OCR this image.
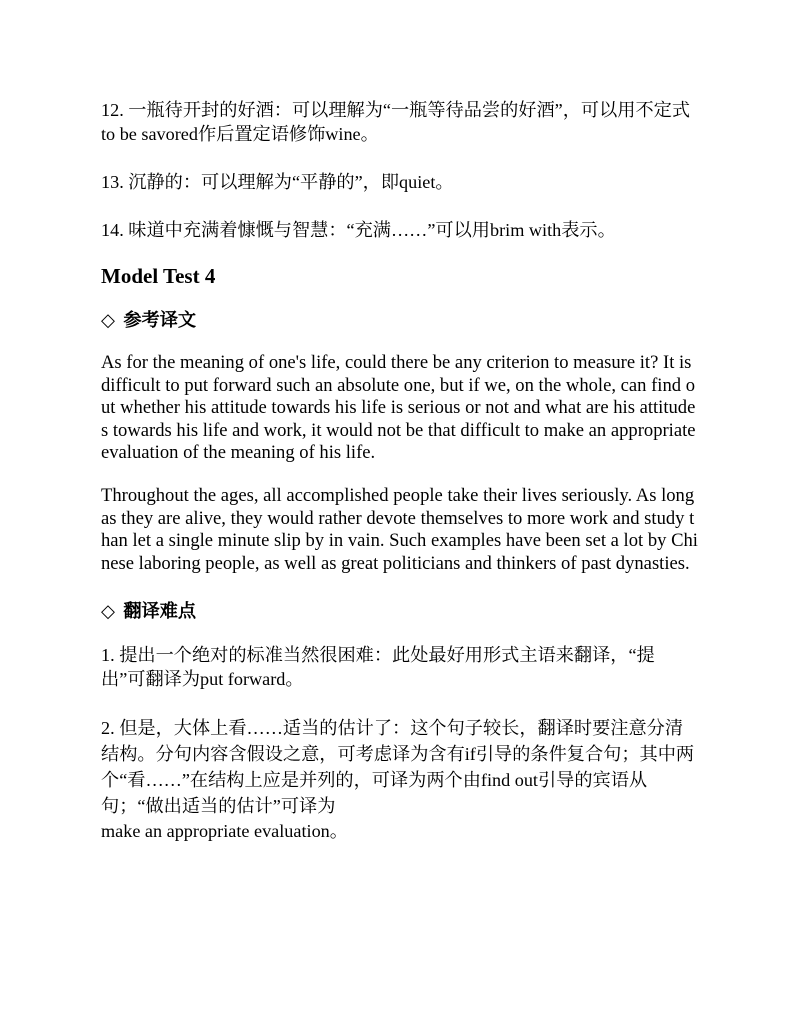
12. 一瓶待开封的好酒：可以理解为“一瓶等待品尝的好酒”，可以用不定式to be savored作后置定语修饰wine。

13. 沉静的：可以理解为“平静的”，即quiet。

14. 味道中充满着慷慨与智慧：“充满……”可以用brim with表示。

Model Test 4
◇ 参考译文

As for the meaning of one's life, could there be any criterion to measure it? It is difficult to put forward such an absolute one, but if we, on the whole, can find out whether his attitude towards his life is serious or not and what are his attitudes towards his life and work, it would not be that difficult to make an appropriate evaluation of the meaning of his life.

Throughout the ages, all accomplished people take their lives seriously. As long as they are alive, they would rather devote themselves to more work and study than let a single minute slip by in vain. Such examples have been set a lot by Chinese laboring people, as well as great politicians and thinkers of past dynasties.

◇ 翻译难点

1. 提出一个绝对的标准当然很困难：此处最好用形式主语来翻译，“提出”可翻译为put forward。

2. 但是，大体上看……适当的估计了：这个句子较长，翻译时要注意分清结构。分句内容含假设之意，可考虑译为含有if引导的条件复合句；其中两个“看……”在结构上应是并列的，可译为两个由find out引导的宾语从句；“做出适当的估计”可译为

make an appropriate evaluation。
